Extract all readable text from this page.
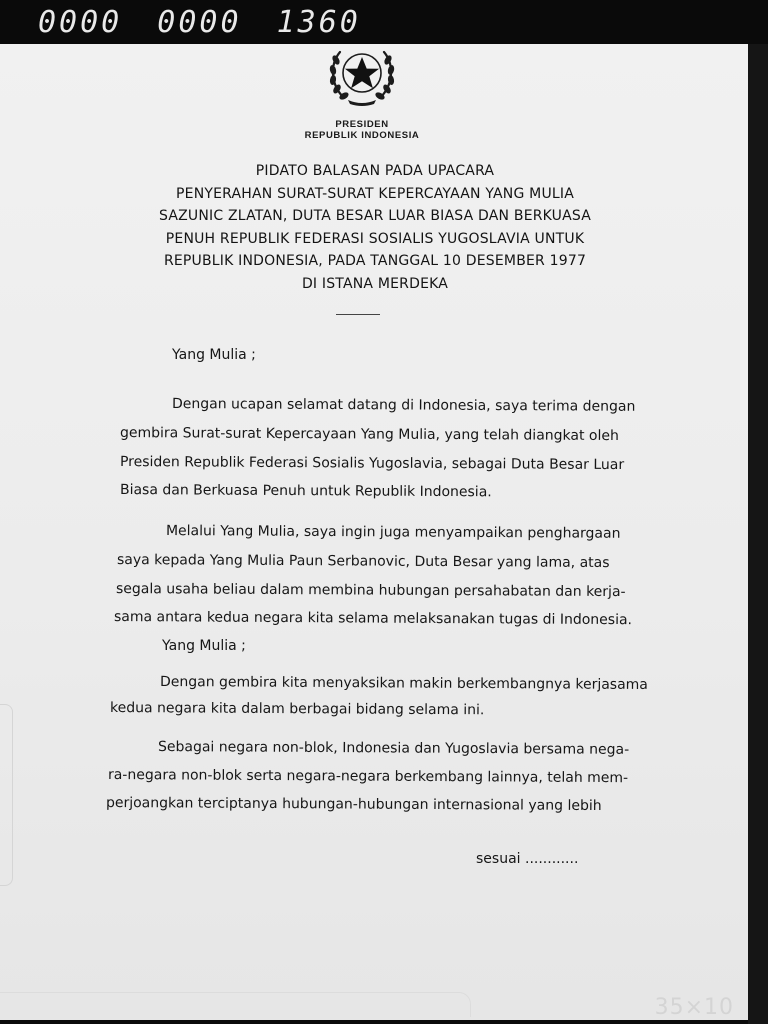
0000 0000 1360
PRESIDEN
REPUBLIK INDONESIA
PIDATO BALASAN PADA UPACARA
PENYERAHAN SURAT-SURAT KEPERCAYAAN YANG MULIA
SAZUNIC ZLATAN, DUTA BESAR LUAR BIASA DAN BERKUASA
PENUH REPUBLIK FEDERASI SOSIALIS YUGOSLAVIA UNTUK
REPUBLIK INDONESIA, PADA TANGGAL 10 DESEMBER 1977
DI ISTANA MERDEKA
Yang Mulia ;
Dengan ucapan selamat datang di Indonesia, saya terima dengan
gembira Surat-surat Kepercayaan Yang Mulia, yang telah diangkat oleh
Presiden Republik Federasi Sosialis Yugoslavia, sebagai Duta Besar Luar
Biasa dan Berkuasa Penuh untuk Republik Indonesia.
Melalui Yang Mulia, saya ingin juga menyampaikan penghargaan
saya kepada Yang Mulia Paun Serbanovic, Duta Besar yang lama, atas
segala usaha beliau dalam membina hubungan persahabatan dan kerja-
sama antara kedua negara kita selama melaksanakan tugas di Indonesia.
Yang Mulia ;
Dengan gembira kita menyaksikan makin berkembangnya kerjasama
kedua negara kita dalam berbagai bidang selama ini.
Sebagai negara non-blok, Indonesia dan Yugoslavia bersama nega-
ra-negara non-blok serta negara-negara berkembang lainnya, telah mem-
perjoangkan terciptanya hubungan-hubungan internasional yang lebih
sesuai ............
35×10
